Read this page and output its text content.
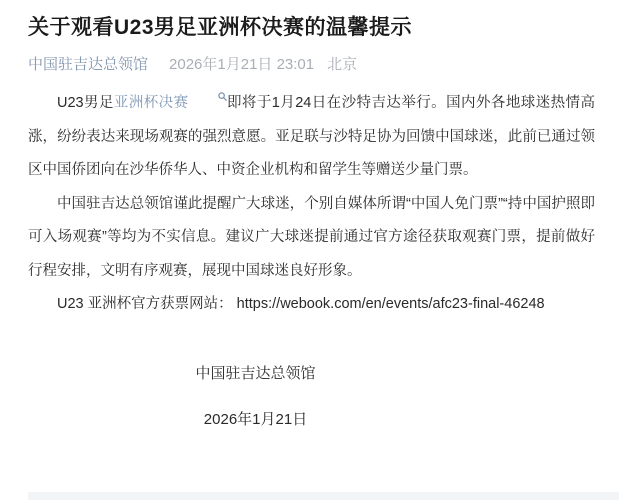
关于观看U23男足亚洲杯决赛的温馨提示
中国驻吉达总领馆 2026年1月21日 23:01 北京

U23男足亚洲杯决赛	即将于1月24日在沙特吉达举行。国内外各地球迷热情高涨，纷纷表达来现场观赛的强烈意愿。亚足联与沙特足协为回馈中国球迷，此前已通过领区中国侨团向在沙华侨华人、中资企业机构和留学生等赠送少量门票。

中国驻吉达总领馆谨此提醒广大球迷，个别自媒体所谓“中国人免门票”“持中国护照即可入场观赛”等均为不实信息。建议广大球迷提前通过官方途径获取观赛门票，提前做好行程安排，文明有序观赛，展现中国球迷良好形象。

U23 亚洲杯官方获票网站： https://webook.com/en/events/afc23-final-46248

中国驻吉达总领馆

2026年1月21日
